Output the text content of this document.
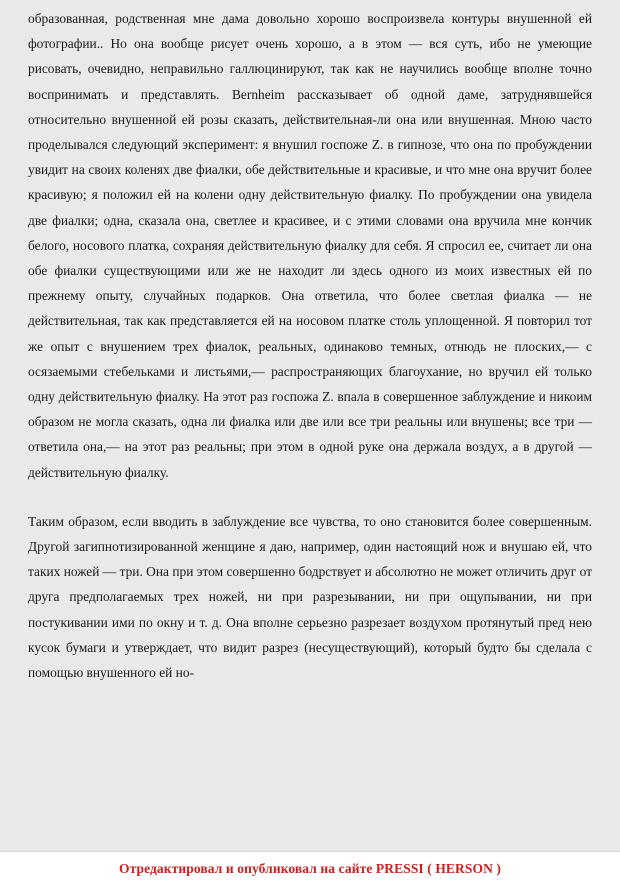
образованная, родственная мне дама довольно хорошо воспроизвела контуры внушенной ей фотографии.. Но она вообще рисует очень хорошо, а в этом — вся суть, ибо не умеющие рисовать, очевидно, неправильно галлюцинируют, так как не научились вообще вполне точно воспринимать и представлять. Bernheim рассказывает об одной даме, затруднявшейся относительно внушенной ей розы сказать, действительная-ли она или внушенная. Мною часто проделывался следующий эксперимент: я внушил госпоже Z. в гипнозе, что она по пробуждении увидит на своих коленях две фиалки, обе действительные и красивые, и что мне она вручит более красивую; я положил ей на колени одну действительную фиалку. По пробуждении она увидела две фиалки; одна, сказала она, светлее и красивее, и с этими словами она вручила мне кончик белого, носового платка, сохраняя действительную фиалку для себя. Я спросил ее, считает ли она обе фиалки существующими или же не находит ли здесь одного из моих известных ей по прежнему опыту, случайных подарков. Она ответила, что более светлая фиалка — не действительная, так как представляется ей на носовом платке столь уплощенной. Я повторил тот же опыт с внушением трех фиалок, реальных, одинаково темных, отнюдь не плоских,— с осязаемыми стебельками и листьями,— распространяющих благоухание, но вручил ей только одну действительную фиалку. На этот раз госпожа Z. впала в совершенное заблуждение и никоим образом не могла сказать, одна ли фиалка или две или все три реальны или внушены; все три — ответила она,— на этот раз реальны; при этом в одной руке она держала воздух, а в другой — действительную фиалку.

Таким образом, если вводить в заблуждение все чувства, то оно становится более совершенным. Другой загипнотизированной женщине я даю, например, один настоящий нож и внушаю ей, что таких ножей — три. Она при этом совершенно бодрствует и абсолютно не может отличить друг от друга предполагаемых трех ножей, ни при разрезывании, ни при ощупывании, ни при постукивании ими по окну и т. д. Она вполне серьезно разрезает воздухом протянутый пред нею кусок бумаги и утверждает, что видит разрез (несуществующий), который будто бы сделала с помощью внушенного ей но-

Отредактировал и опубликовал на сайте PRESSI ( HERSON )
